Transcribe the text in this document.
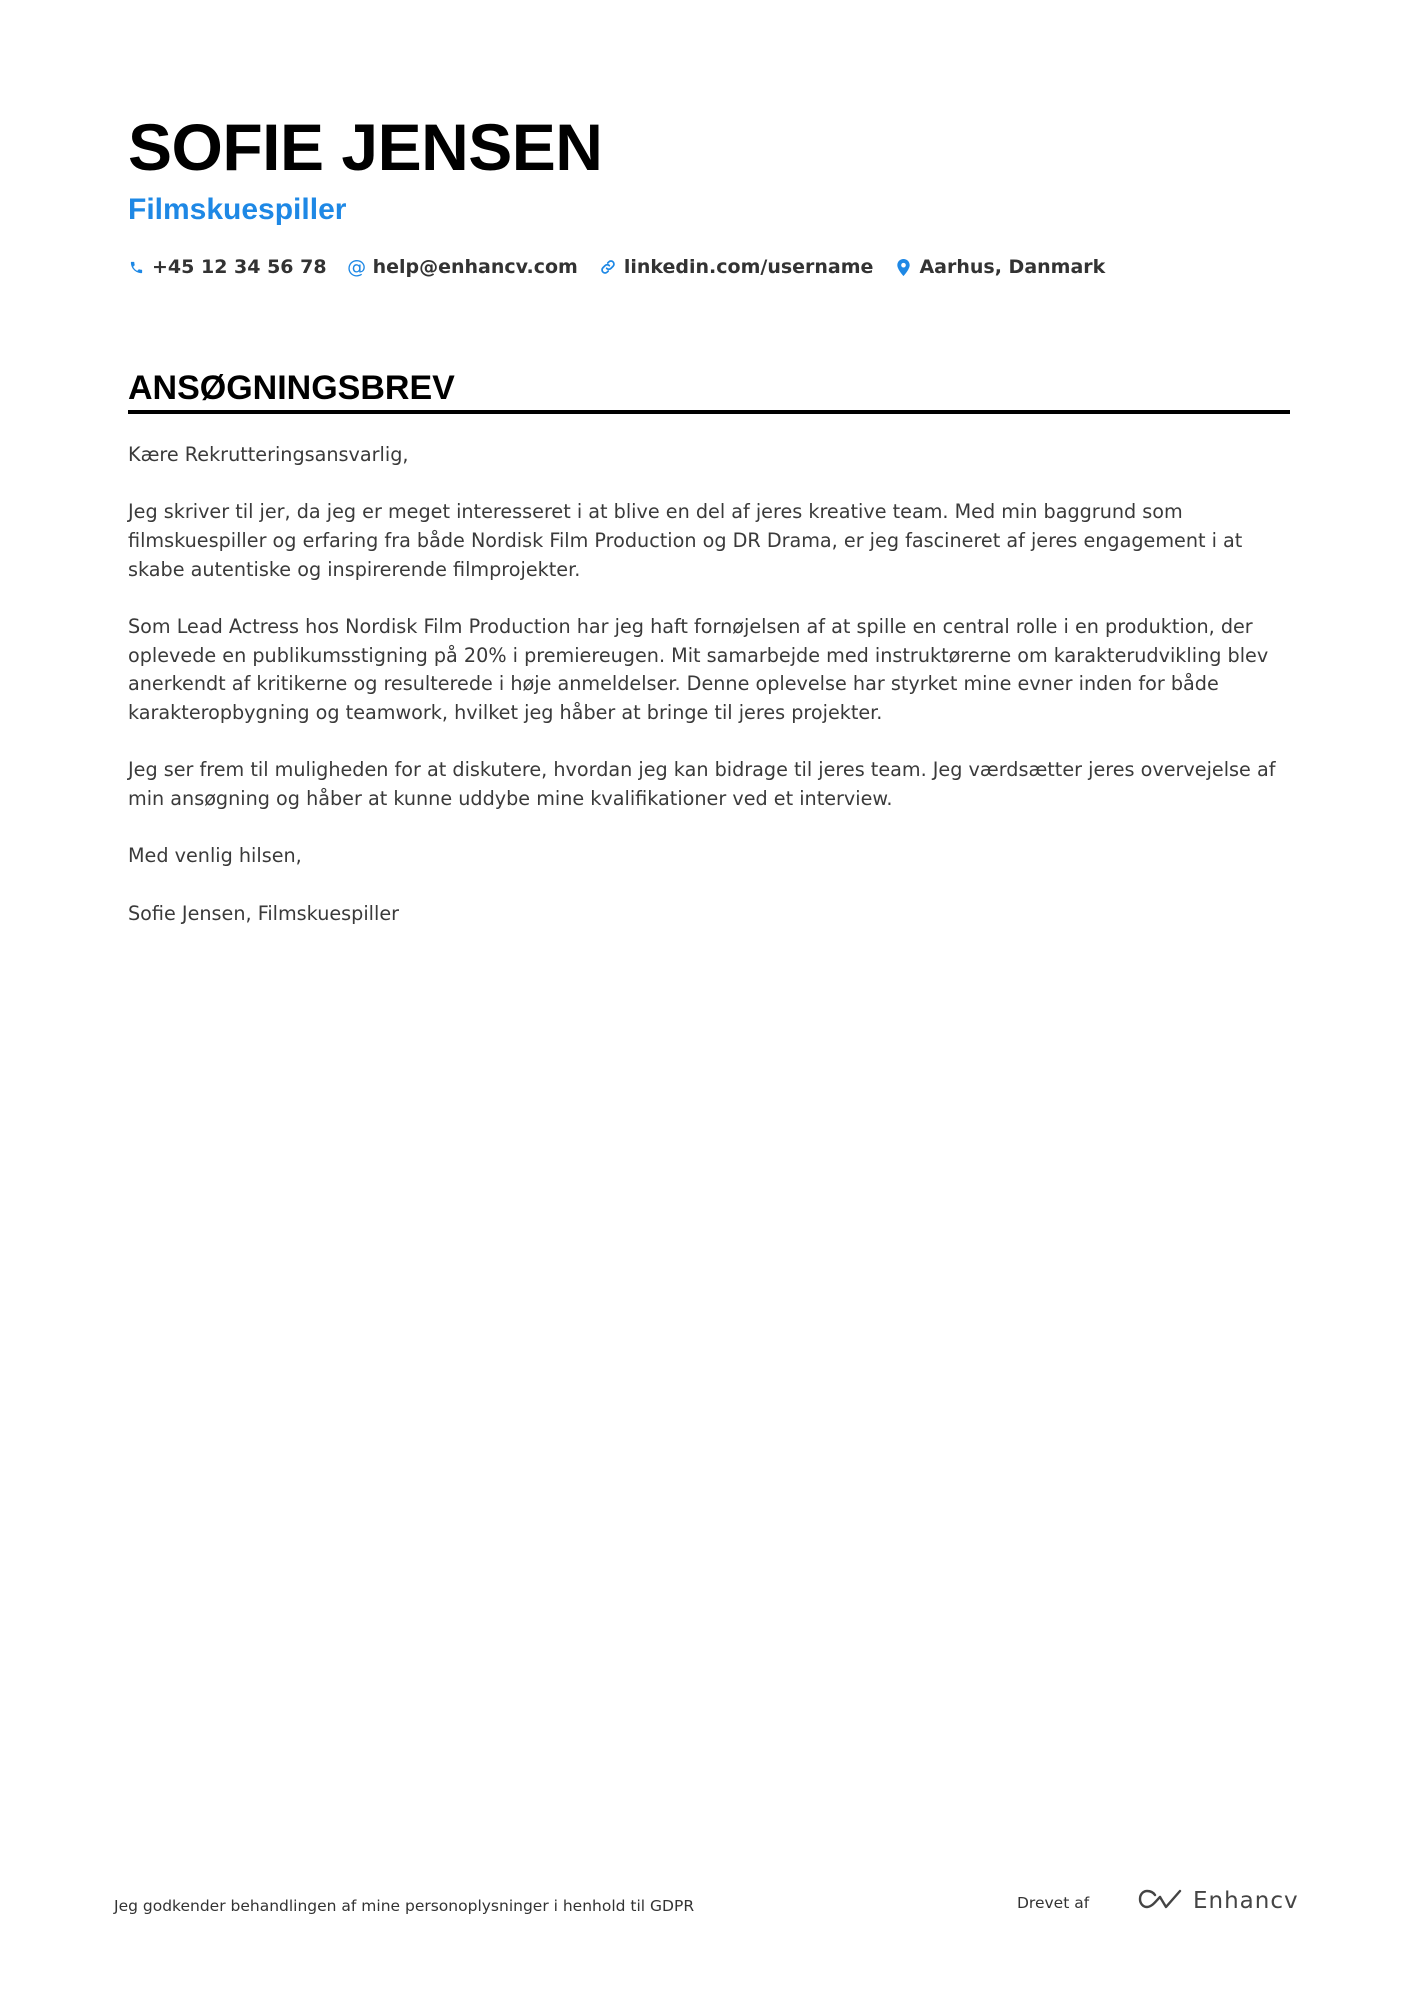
SOFIE JENSEN
Filmskuespiller
+45 12 34 56 78 @ help@enhancv.com linkedin.com/username Aarhus, Danmark
ANSØGNINGSBREV

Kære Rekrutteringsansvarlig,

Jeg skriver til jer, da jeg er meget interesseret i at blive en del af jeres kreative team. Med min baggrund som filmskuespiller og erfaring fra både Nordisk Film Production og DR Drama, er jeg fascineret af jeres engagement i at skabe autentiske og inspirerende filmprojekter.

Som Lead Actress hos Nordisk Film Production har jeg haft fornøjelsen af at spille en central rolle i en produktion, der oplevede en publikumsstigning på 20% i premiereugen. Mit samarbejde med instruktørerne om karakterudvikling blev anerkendt af kritikerne og resulterede i høje anmeldelser. Denne oplevelse har styrket mine evner inden for både karakteropbygning og teamwork, hvilket jeg håber at bringe til jeres projekter.

Jeg ser frem til muligheden for at diskutere, hvordan jeg kan bidrage til jeres team. Jeg værdsætter jeres overvejelse af min ansøgning og håber at kunne uddybe mine kvalifikationer ved et interview.

Med venlig hilsen,

Sofie Jensen, Filmskuespiller

Jeg godkender behandlingen af mine personoplysninger i henhold til GDPR	Drevet af	Enhancv
